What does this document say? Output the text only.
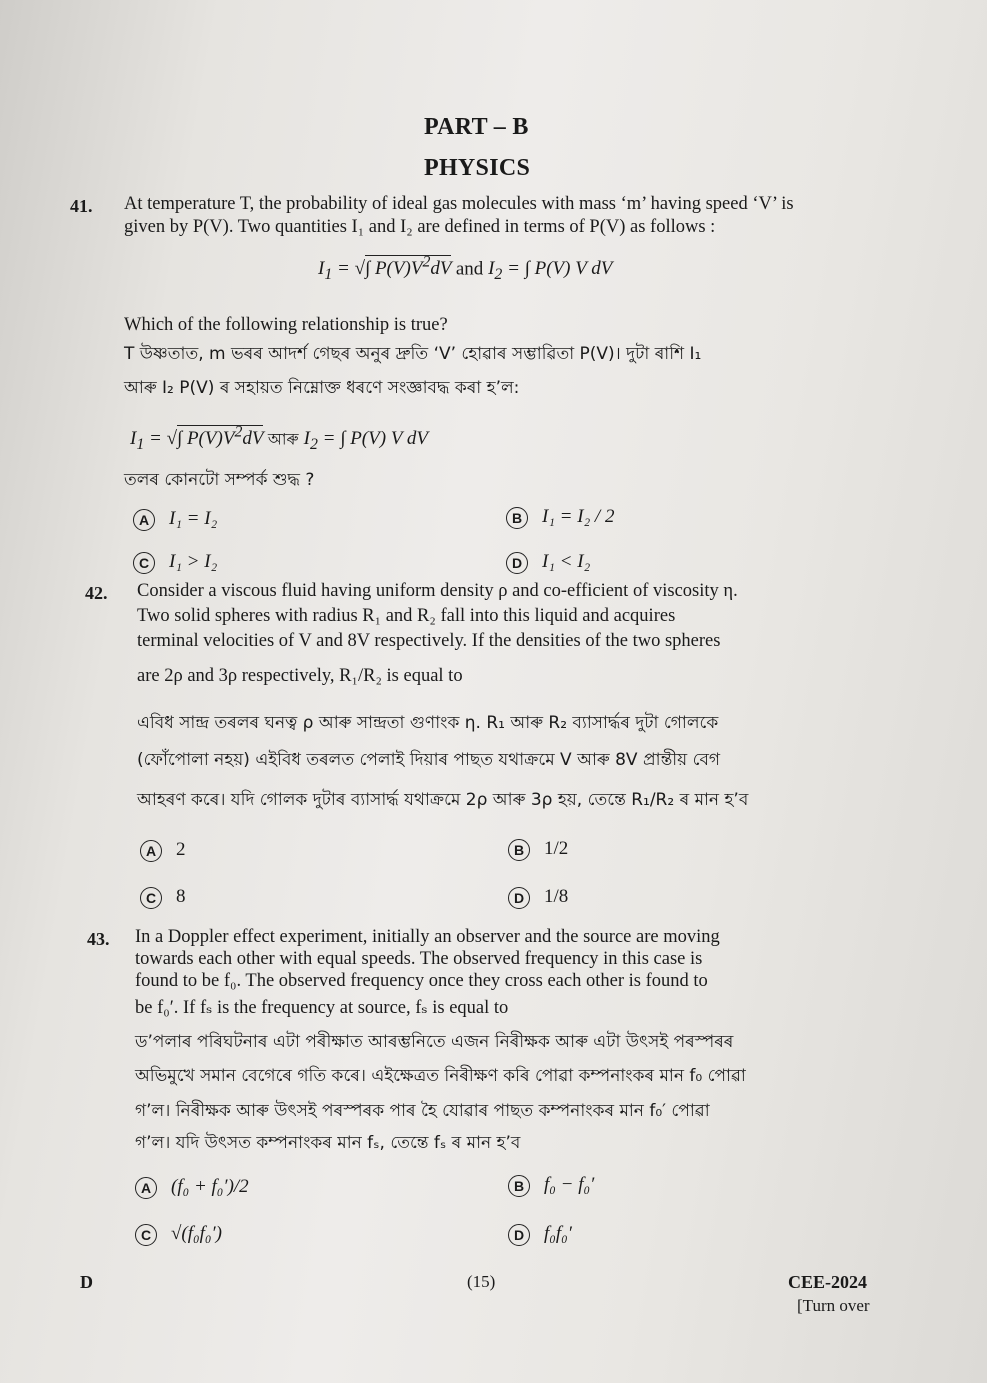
PART – B
PHYSICS
41. At temperature T, the probability of ideal gas molecules with mass ‘m’ having speed ‘V’ is
given by P(V). Two quantities I₁ and I₂ are defined in terms of P(V) as follows :
$I_1$ = √∫ $P(V)V^2dV$ and $I_2$ = ∫ P(V) V dV
Which of the following relationship is true?
T উষ্ণতাত, m ভৰৰ আদৰ্শ গেছৰ অনুৰ দ্ৰুতি ‘V’ হোৱাৰ সম্ভাৱিতা P(V)। দুটা ৰাশি I₁
আৰু I₂ P(V) ৰ সহায়ত নিম্নোক্ত ধৰণে সংজ্ঞাবদ্ধ কৰা হ’ল:
$I_1$ = √∫ $P(V)V^2dV$ আৰু $I_2$ = ∫ P(V) V dV
তলৰ কোনটো সম্পৰ্ক শুদ্ধ ?
A I₁ = I₂	B I₁ = I₂ / 2
C I₁ > I₂	D I₁ < I₂
42. Consider a viscous fluid having uniform density ρ and co-efficient of viscosity η.
Two solid spheres with radius R₁ and R₂ fall into this liquid and acquires
terminal velocities of V and 8V respectively. If the densities of the two spheres
are 2ρ and 3ρ respectively, R₁/R₂ is equal to
এবিধ সান্দ্ৰ তৰলৰ ঘনত্ব ρ আৰু সান্দ্ৰতা গুণাংক η. R₁ আৰু R₂ ব্যাসাৰ্দ্ধৰ দুটা গোলকে
(ফোঁপোলা নহয়) এইবিধ তৰলত পেলাই দিয়াৰ পাছত যথাক্ৰমে V আৰু 8V প্ৰান্তীয় বেগ
আহৰণ কৰে। যদি গোলক দুটাৰ ব্যাসাৰ্দ্ধ যথাক্ৰমে 2ρ আৰু 3ρ হয়, তেন্তে R₁/R₂ ৰ মান হ’ব
A 2	B 1/2
C 8	D 1/8
43. In a Doppler effect experiment, initially an observer and the source are moving
towards each other with equal speeds. The observed frequency in this case is
found to be f₀. The observed frequency once they cross each other is found to
be f₀′. If fₛ is the frequency at source, fₛ is equal to
ড’পলাৰ পৰিঘটনাৰ এটা পৰীক্ষাত আৰম্ভনিতে এজন নিৰীক্ষক আৰু এটা উৎসই পৰস্পৰৰ
অভিমুখে সমান বেগেৰে গতি কৰে। এইক্ষেত্ৰত নিৰীক্ষণ কৰি পোৱা কম্পনাংকৰ মান f₀ পোৱা
গ’ল। নিৰীক্ষক আৰু উৎসই পৰস্পৰক পাৰ হৈ যোৱাৰ পাছত কম্পনাংকৰ মান f₀′ পোৱা
গ’ল। যদি উৎসত কম্পনাংকৰ মান fₛ, তেন্তে fₛ ৰ মান হ’ব
A (f₀ + f₀′)/2	B f₀ − f₀′
C √(f₀f₀′)	D f₀f₀′
D	(15)	CEE-2024
[Turn over
